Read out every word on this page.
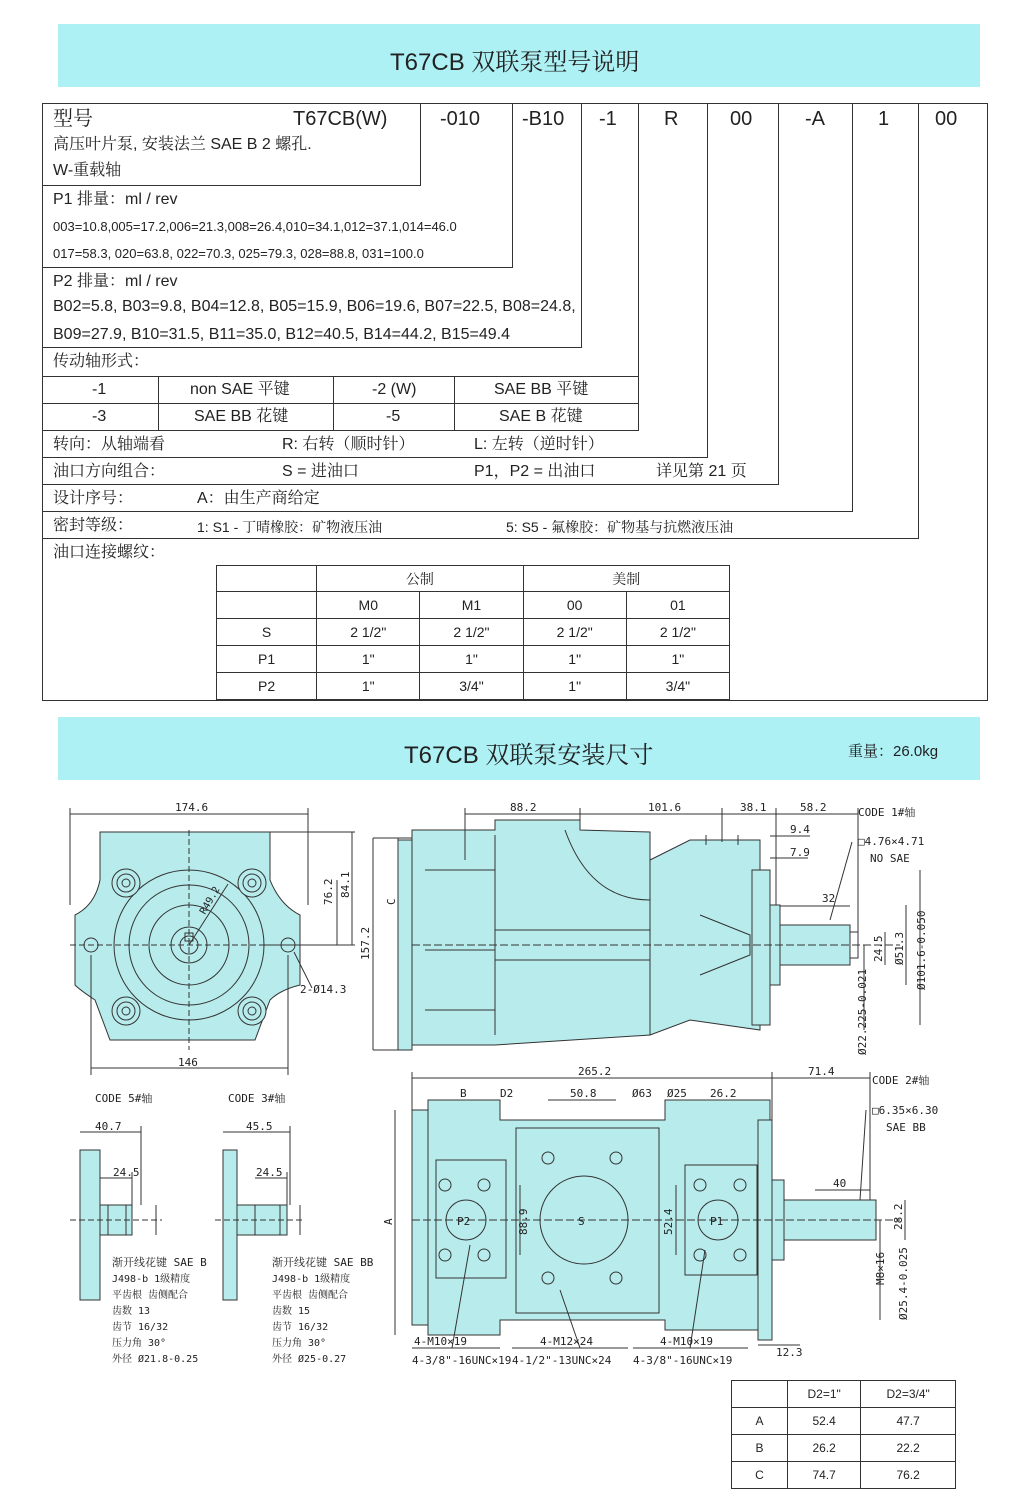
T67CB 双联泵型号说明
型号	T67CB(W)	-010 -B10 -1 R	00	-A	1 00
高压叶片泵, 安装法兰 SAE B 2 螺孔.
W-重载轴
P1 排量：ml / rev
003=10.8,005=17.2,006=21.3,008=26.4,010=34.1,012=37.1,014=46.0
017=58.3, 020=63.8, 022=70.3, 025=79.3, 028=88.8, 031=100.0
P2 排量：ml / rev
B02=5.8, B03=9.8, B04=12.8, B05=15.9, B06=19.6, B07=22.5, B08=24.8,
B09=27.9, B10=31.5, B11=35.0, B12=40.5, B14=44.2, B15=49.4
传动轴形式：
-1	non SAE 平键	-2 (W)	SAE BB 平键
-3	SAE BB 花键	-5	SAE B 花键
转向：从轴端看	R: 右转（顺时针）	L: 左转（逆时针）
油口方向组合：	S = 进油口	P1，P2 = 出油口	详见第 21 页
设计序号：	A：由生产商给定
密封等级：	1: S1 - 丁晴橡胶：矿物液压油	5: S5 - 氟橡胶：矿物基与抗燃液压油
油口连接螺纹：
	公制		美制	
	M0	M1	00	01
S	2 1/2"	2 1/2"	2 1/2"	2 1/2"
P1	1"	1"	1"	1"
P2	1"	3/4"	1"	3/4"
T67CB 双联泵安装尺寸	重量：26.0kg
174.6
146
76.2 84.1
2-Ø14.3
R49.2
88.2	101.6	38.1	58.2
9.4
7.9
CODE 1#轴
□4.76×4.71
NO SAE
32
157.2
C
24.5 Ø51.3 Ø101.6-0.050
Ø22.225-0.021
265.2	71.4
B	D2	50.8	Ø63 Ø25 26.2
CODE 2#轴
□6.35×6.30
SAE BB
40
A	88.9	52.4	28.2
M8×16 Ø25.4-0.025
P2	S	P1
4-M10×19
4-3/8"-16UNC×19
4-M12×24
4-1/2"-13UNC×24
4-M10×19
4-3/8"-16UNC×19
12.3
CODE 5#轴	CODE 3#轴
40.7
24.5
45.5
24.5
渐开线花键 SAE B
J498-b 1级精度
平齿根 齿侧配合
齿数 13
齿节 16/32
压力角 30°
外径 Ø21.8-0.25
渐开线花键 SAE BB
J498-b 1级精度
平齿根 齿侧配合
齿数 15
齿节 16/32
压力角 30°
外径 Ø25-0.27
	D2=1"	D2=3/4"
A	52.4	47.7
B	26.2	22.2
C	74.7	76.2
